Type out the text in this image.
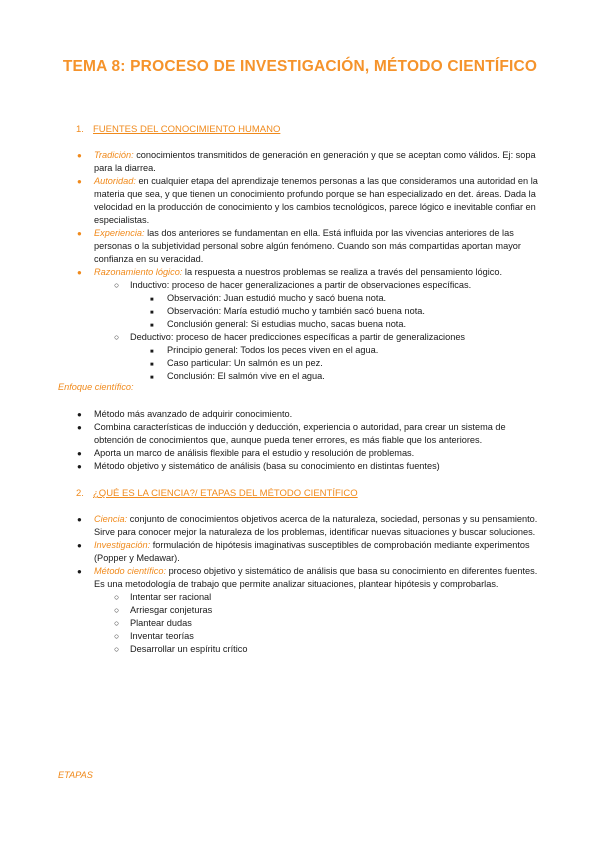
TEMA 8: PROCESO DE INVESTIGACIÓN, MÉTODO CIENTÍFICO
1. FUENTES DEL CONOCIMIENTO HUMANO
● Tradición: conocimientos transmitidos de generación en generación y que se aceptan como válidos. Ej: sopa para la diarrea.
● Autoridad: en cualquier etapa del aprendizaje tenemos personas a las que consideramos una autoridad en la materia que sea, y que tienen un conocimiento profundo porque se han especializado en det. áreas. Dada la velocidad en la producción de conocimiento y los cambios tecnológicos, parece lógico e inevitable confiar en especialistas.
● Experiencia: las dos anteriores se fundamentan en ella. Está influida por las vivencias anteriores de las personas o la subjetividad personal sobre algún fenómeno. Cuando son más compartidas aportan mayor confianza en su veracidad.
● Razonamiento lógico: la respuesta a nuestros problemas se realiza a través del pensamiento lógico.
○ Inductivo: proceso de hacer generalizaciones a partir de observaciones específicas.
■ Observación: Juan estudió mucho y sacó buena nota.
■ Observación: María estudió mucho y también sacó buena nota.
■ Conclusión general: Si estudias mucho, sacas buena nota.
○ Deductivo: proceso de hacer predicciones específicas a partir de generalizaciones
■ Principio general: Todos los peces viven en el agua.
■ Caso particular: Un salmón es un pez.
■ Conclusión: El salmón vive en el agua.
Enfoque científico:
● Método más avanzado de adquirir conocimiento.
● Combina características de inducción y deducción, experiencia o autoridad, para crear un sistema de obtención de conocimientos que, aunque pueda tener errores, es más fiable que los anteriores.
● Aporta un marco de análisis flexible para el estudio y resolución de problemas.
● Método objetivo y sistemático de análisis (basa su conocimiento en distintas fuentes)
2. ¿QUÉ ES LA CIENCIA?/ ETAPAS DEL MÉTODO CIENTÍFICO
● Ciencia: conjunto de conocimientos objetivos acerca de la naturaleza, sociedad, personas y su pensamiento. Sirve para conocer mejor la naturaleza de los problemas, identificar nuevas situaciones y buscar soluciones.
● Investigación: formulación de hipótesis imaginativas susceptibles de comprobación mediante experimentos (Popper y Medawar).
● Método científico: proceso objetivo y sistemático de análisis que basa su conocimiento en diferentes fuentes. Es una metodología de trabajo que permite analizar situaciones, plantear hipótesis y comprobarlas.
○ Intentar ser racional
○ Arriesgar conjeturas
○ Plantear dudas
○ Inventar teorías
○ Desarrollar un espíritu crítico
ETAPAS
